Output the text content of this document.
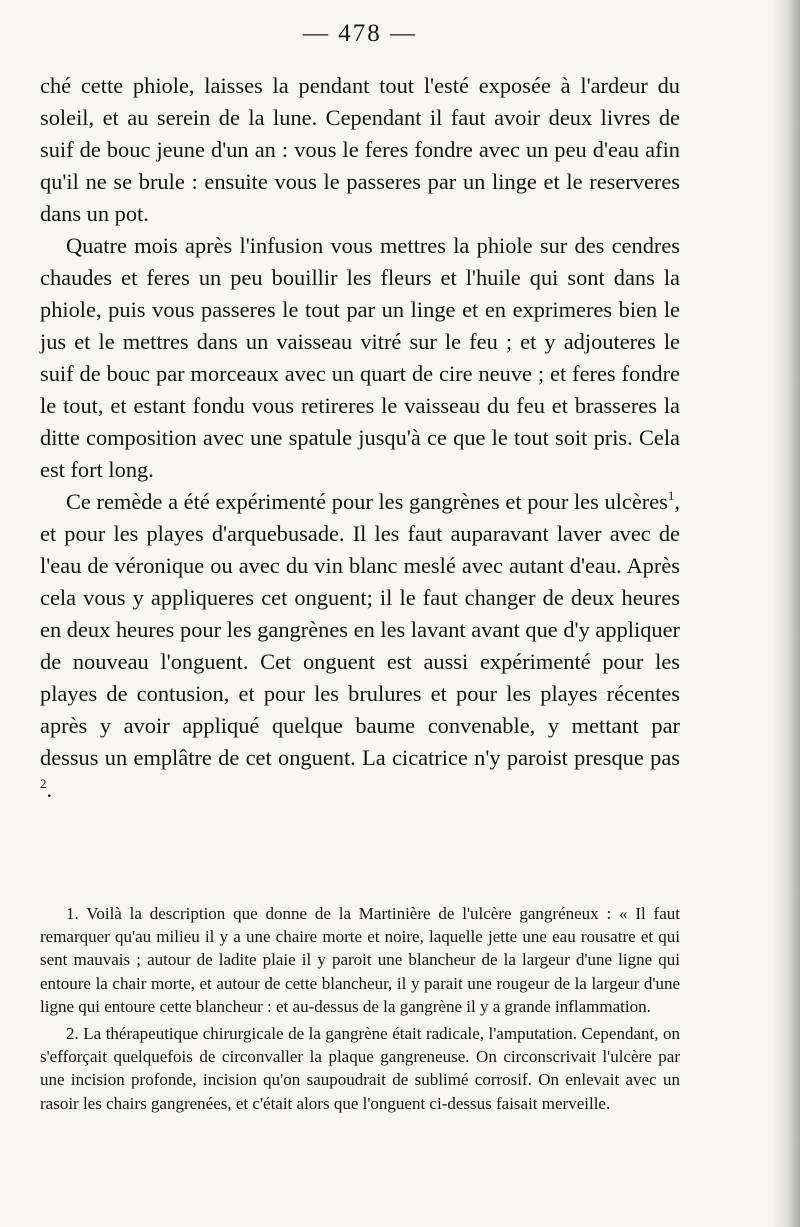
— 478 —

ché cette phiole, laisses la pendant tout l'esté exposée à l'ardeur du soleil, et au serein de la lune. Cependant il faut avoir deux livres de suif de bouc jeune d'un an : vous le feres fondre avec un peu d'eau afin qu'il ne se brule : ensuite vous le passeres par un linge et le reserveres dans un pot.

Quatre mois après l'infusion vous mettres la phiole sur des cendres chaudes et feres un peu bouillir les fleurs et l'huile qui sont dans la phiole, puis vous passeres le tout par un linge et en exprimeres bien le jus et le mettres dans un vaisseau vitré sur le feu ; et y adjouteres le suif de bouc par morceaux avec un quart de cire neuve ; et feres fondre le tout, et estant fondu vous retireres le vaisseau du feu et brasseres la ditte composition avec une spatule jusqu'à ce que le tout soit pris. Cela est fort long.

Ce remède a été expérimenté pour les gangrènes et pour les ulcères$^1$, et pour les playes d'arquebusade. Il les faut auparavant laver avec de l'eau de véronique ou avec du vin blanc meslé avec autant d'eau. Après cela vous y appliqueres cet onguent; il le faut changer de deux heures en deux heures pour les gangrènes en les lavant avant que d'y appliquer de nouveau l'onguent. Cet onguent est aussi expérimenté pour les playes de contusion, et pour les brulures et pour les playes récentes après y avoir appliqué quelque baume convenable, y mettant par dessus un emplâtre de cet onguent. La cicatrice n'y paroist presque pas $^2$.

1. Voilà la description que donne de la Martinière de l'ulcère gangréneux : « Il faut remarquer qu'au milieu il y a une chaire morte et noire, laquelle jette une eau rousatre et qui sent mauvais ; autour de ladite plaie il y paroit une blancheur de la largeur d'une ligne qui entoure la chair morte, et autour de cette blancheur, il y parait une rougeur de la largeur d'une ligne qui entoure cette blancheur : et au-dessus de la gangrène il y a grande inflammation.

2. La thérapeutique chirurgicale de la gangrène était radicale, l'amputation. Cependant, on s'efforçait quelquefois de circonvaller la plaque gangreneuse. On circonscrivait l'ulcère par une incision profonde, incision qu'on saupoudrait de sublimé corrosif. On enlevait avec un rasoir les chairs gangrenées, et c'était alors que l'onguent ci-dessus faisait merveille.
